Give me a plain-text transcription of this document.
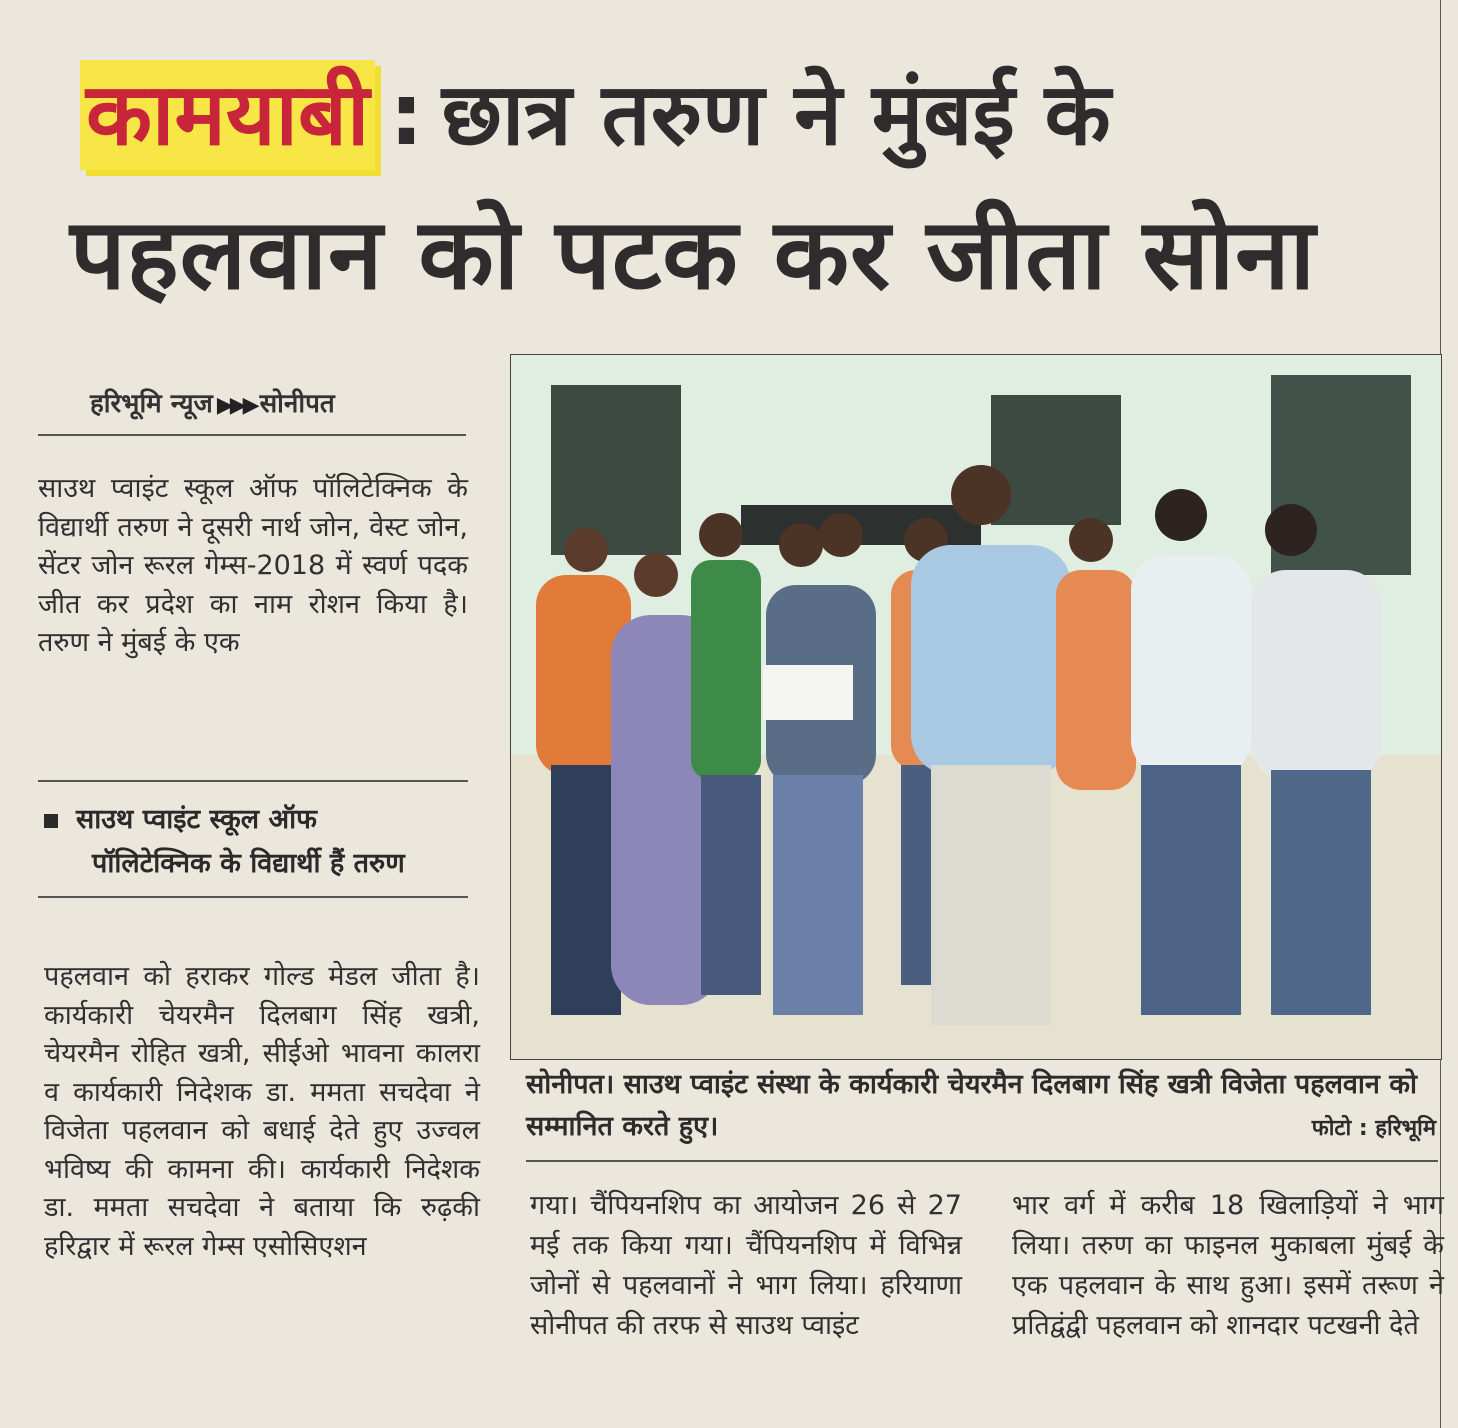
कामयाबी : छात्र तरुण ने मुंबई के
पहलवान को पटक कर जीता सोना
हरिभूमि न्यूज ▶▶▶ सोनीपत
साउथ प्वाइंट स्कूल ऑफ पॉलिटेक्निक के विद्यार्थी तरुण ने दूसरी नार्थ जोन, वेस्ट जोन, सेंटर जोन रूरल गेम्स-2018 में स्वर्ण पदक जीत कर प्रदेश का नाम रोशन किया है। तरुण ने मुंबई के एक
साउथ प्वाइंट स्कूल ऑफ
पॉलिटेक्निक के विद्यार्थी हैं तरुण
पहलवान को हराकर गोल्ड मेडल जीता है। कार्यकारी चेयरमैन दिलबाग सिंह खत्री, चेयरमैन रोहित खत्री, सीईओ भावना कालरा व कार्यकारी निदेशक डा. ममता सचदेवा ने विजेता पहलवान को बधाई देते हुए उज्वल भविष्य की कामना की। कार्यकारी निदेशक डा. ममता सचदेवा ने बताया कि रुढ़की हरिद्वार में रूरल गेम्स एसोसिएशन
सोनीपत। साउथ प्वाइंट संस्था के कार्यकारी चेयरमैन दिलबाग सिंह खत्री विजेता पहलवान को सम्मानित करते हुए।	फोटो : हरिभूमि
गया। चैंपियनशिप का आयोजन 26 से 27 मई तक किया गया। चैंपियनशिप में विभिन्न जोनों से पहलवानों ने भाग लिया। हरियाणा सोनीपत की तरफ से साउथ प्वाइंट
भार वर्ग में करीब 18 खिलाड़ियों ने भाग लिया। तरुण का फाइनल मुकाबला मुंबई के एक पहलवान के साथ हुआ। इसमें तरूण ने प्रतिद्वंद्वी पहलवान को शानदार पटखनी देते
